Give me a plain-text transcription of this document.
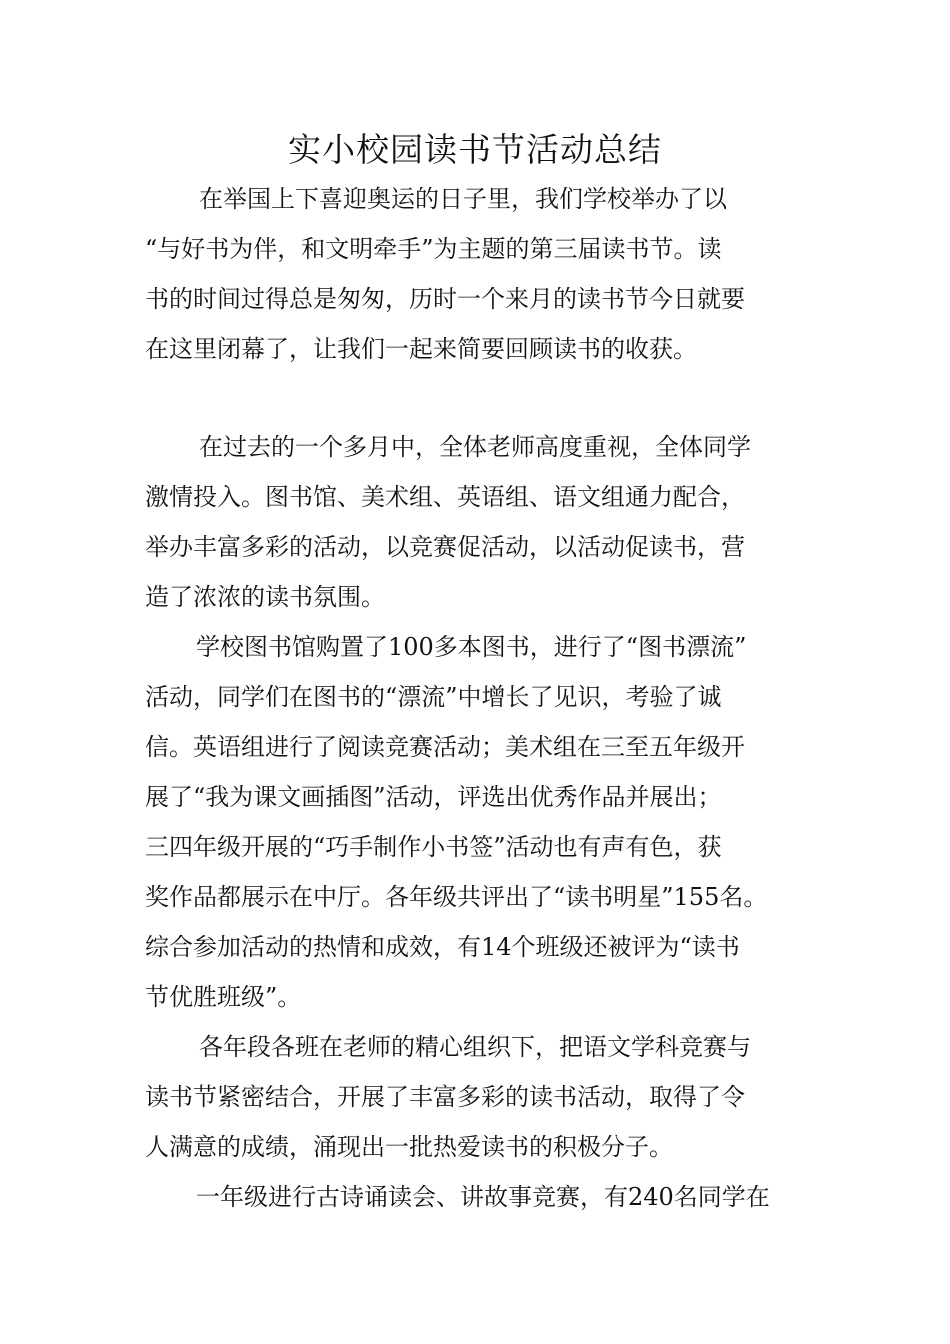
实小校园读书节活动总结

在举国上下喜迎奥运的日子里，我们学校举办了以

“与好书为伴，和文明牵手”为主题的第三届读书节。读

书的时间过得总是匆匆，历时一个来月的读书节今日就要

在这里闭幕了，让我们一起来简要回顾读书的收获。

在过去的一个多月中，全体老师高度重视，全体同学

激情投入。图书馆、美术组、英语组、语文组通力配合，

举办丰富多彩的活动，以竞赛促活动，以活动促读书，营

造了浓浓的读书氛围。

学校图书馆购置了100多本图书，进行了“图书漂流”

活动，同学们在图书的“漂流”中增长了见识，考验了诚

信。英语组进行了阅读竞赛活动；美术组在三至五年级开

展了“我为课文画插图”活动，评选出优秀作品并展出；

三四年级开展的“巧手制作小书签”活动也有声有色，获

奖作品都展示在中厅。各年级共评出了“读书明星”155名。

综合参加活动的热情和成效，有14个班级还被评为“读书

节优胜班级”。

各年段各班在老师的精心组织下，把语文学科竞赛与

读书节紧密结合，开展了丰富多彩的读书活动，取得了令

人满意的成绩，涌现出一批热爱读书的积极分子。

一年级进行古诗诵读会、讲故事竞赛，有240名同学在
